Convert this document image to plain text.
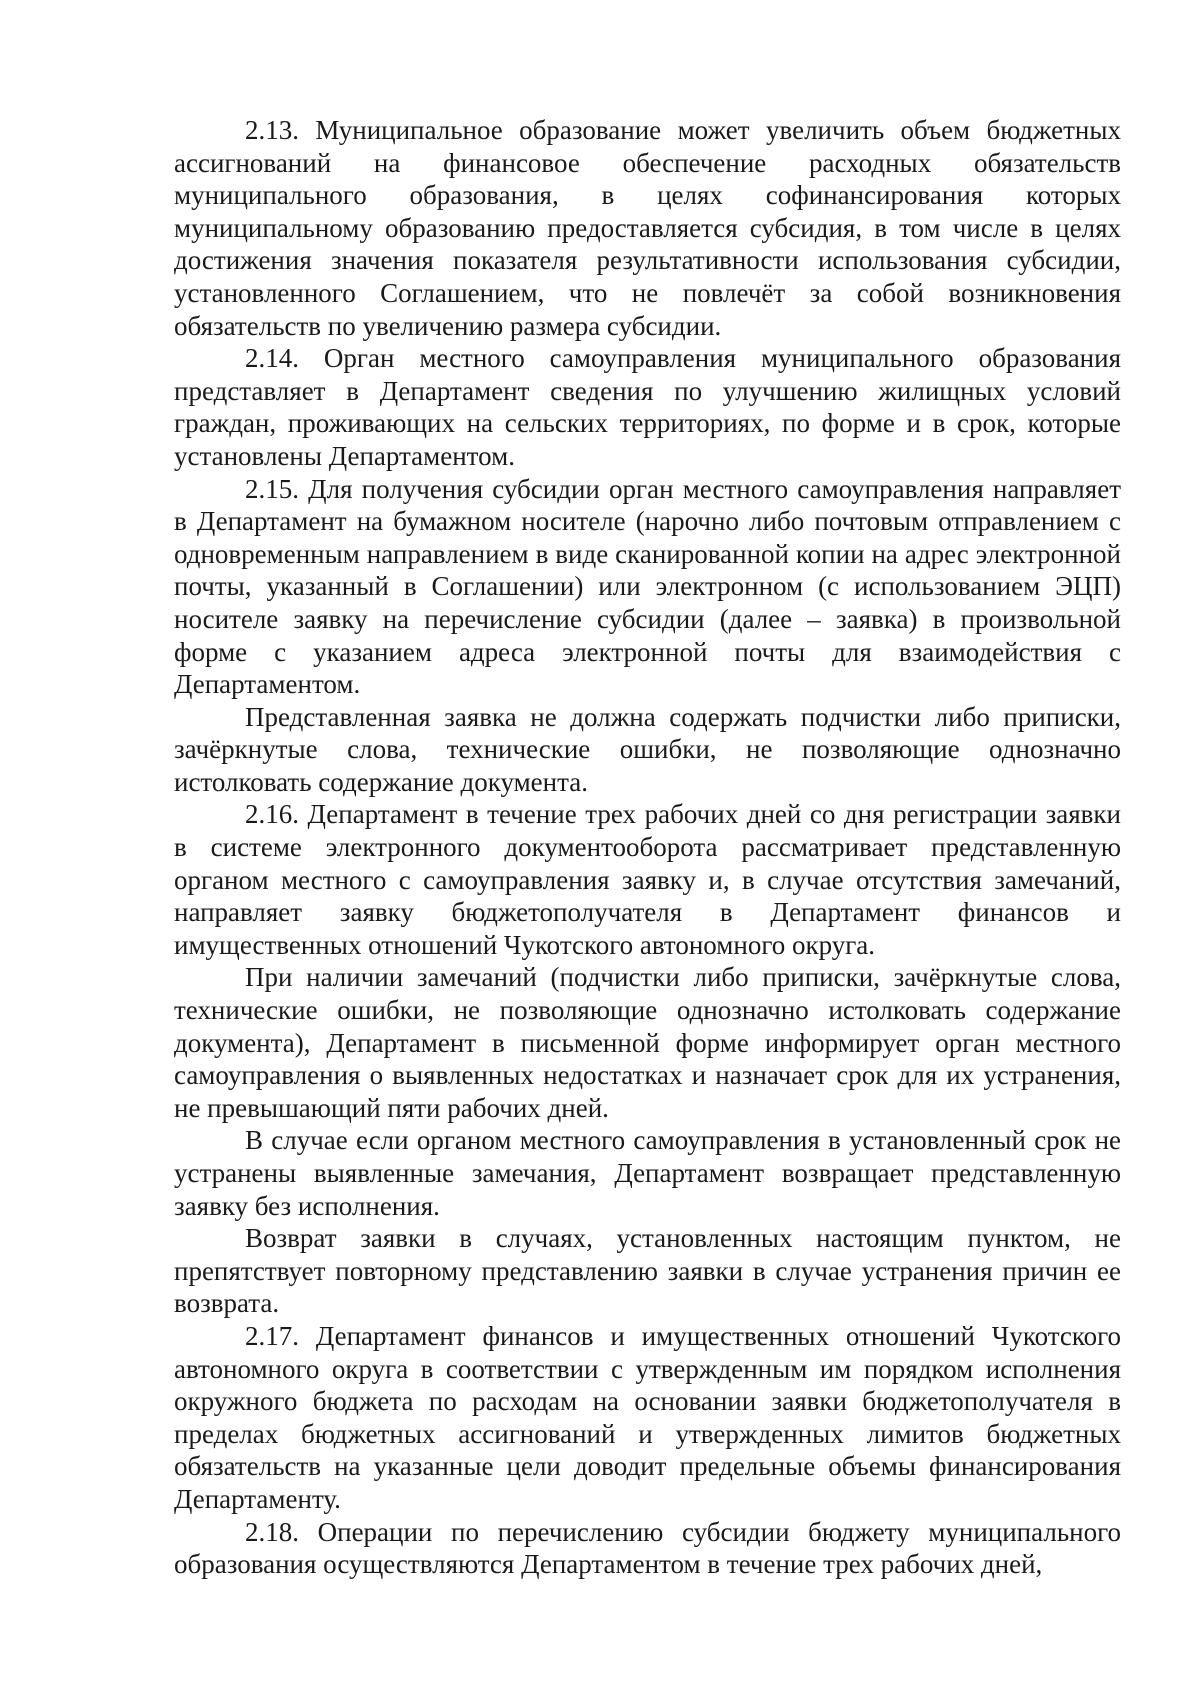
2.13. Муниципальное образование может увеличить объем бюджетных ассигнований на финансовое обеспечение расходных обязательств муниципального образования, в целях софинансирования которых муниципальному образованию предоставляется субсидия, в том числе в целях достижения значения показателя результативности использования субсидии, установленного Соглашением, что не повлечёт за собой возникновения обязательств по увеличению размера субсидии.

2.14. Орган местного самоуправления муниципального образования представляет в Департамент сведения по улучшению жилищных условий граждан, проживающих на сельских территориях, по форме и в срок, которые установлены Департаментом.

2.15. Для получения субсидии орган местного самоуправления направляет в Департамент на бумажном носителе (нарочно либо почтовым отправлением с одновременным направлением в виде сканированной копии на адрес электронной почты, указанный в Соглашении) или электронном (с использованием ЭЦП) носителе заявку на перечисление субсидии (далее – заявка) в произвольной форме с указанием адреса электронной почты для взаимодействия с Департаментом.

Представленная заявка не должна содержать подчистки либо приписки, зачёркнутые слова, технические ошибки, не позволяющие однозначно истолковать содержание документа.

2.16. Департамент в течение трех рабочих дней со дня регистрации заявки в системе электронного документооборота рассматривает представленную органом местного с самоуправления заявку и, в случае отсутствия замечаний, направляет заявку бюджетополучателя в Департамент финансов и имущественных отношений Чукотского автономного округа.

При наличии замечаний (подчистки либо приписки, зачёркнутые слова, технические ошибки, не позволяющие однозначно истолковать содержание документа), Департамент в письменной форме информирует орган местного самоуправления о выявленных недостатках и назначает срок для их устранения, не превышающий пяти рабочих дней.

В случае если органом местного самоуправления в установленный срок не устранены выявленные замечания, Департамент возвращает представленную заявку без исполнения.

Возврат заявки в случаях, установленных настоящим пунктом, не препятствует повторному представлению заявки в случае устранения причин ее возврата.

2.17. Департамент финансов и имущественных отношений Чукотского автономного округа в соответствии с утвержденным им порядком исполнения окружного бюджета по расходам на основании заявки бюджетополучателя в пределах бюджетных ассигнований и утвержденных лимитов бюджетных обязательств на указанные цели доводит предельные объемы финансирования Департаменту.

2.18. Операции по перечислению субсидии бюджету муниципального образования осуществляются Департаментом в течение трех рабочих дней,
